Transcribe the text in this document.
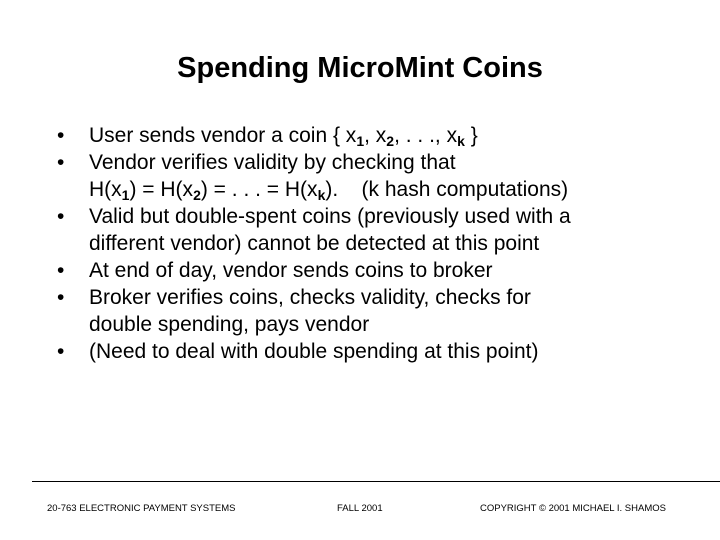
Spending MicroMint Coins
•	User sends vendor a coin { $x_1$, $x_2$, . . ., $x_k$ }
•	Vendor verifies validity by checking that
$H(x_1) = H(x_2)$ = . . . = $H(x_k)$.    (k hash computations)
•	Valid but double-spent coins (previously used with a
different vendor) cannot be detected at this point
•	At end of day, vendor sends coins to broker
•	Broker verifies coins, checks validity, checks for
double spending, pays vendor
•	(Need to deal with double spending at this point)
20-763 ELECTRONIC PAYMENT SYSTEMS	FALL 2001	COPYRIGHT © 2001 MICHAEL I. SHAMOS
